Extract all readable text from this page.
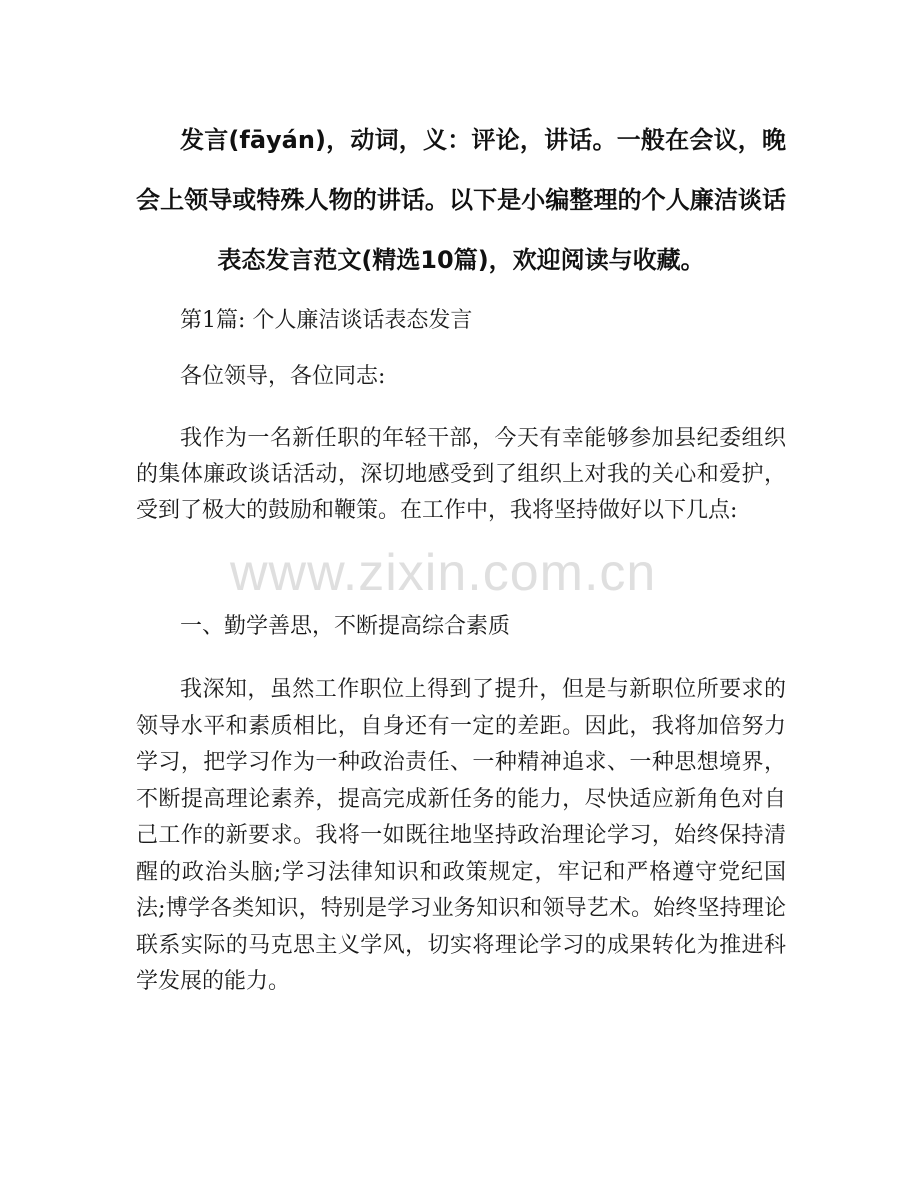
发言(fāyán)，动词，义：评论，讲话。一般在会议，晚会上领导或特殊人物的讲话。以下是小编整理的个人廉洁谈话表态发言范文(精选10篇)，欢迎阅读与收藏。

第1篇: 个人廉洁谈话表态发言

各位领导，各位同志:

我作为一名新任职的年轻干部，今天有幸能够参加县纪委组织的集体廉政谈话活动，深切地感受到了组织上对我的关心和爱护，受到了极大的鼓励和鞭策。在工作中，我将坚持做好以下几点:

一、勤学善思，不断提高综合素质

我深知，虽然工作职位上得到了提升，但是与新职位所要求的领导水平和素质相比，自身还有一定的差距。因此，我将加倍努力学习，把学习作为一种政治责任、一种精神追求、一种思想境界，不断提高理论素养，提高完成新任务的能力，尽快适应新角色对自己工作的新要求。我将一如既往地坚持政治理论学习，始终保持清醒的政治头脑;学习法律知识和政策规定，牢记和严格遵守党纪国法;博学各类知识，特别是学习业务知识和领导艺术。始终坚持理论联系实际的马克思主义学风，切实将理论学习的成果转化为推进科学发展的能力。

www.zixin.com.cn
